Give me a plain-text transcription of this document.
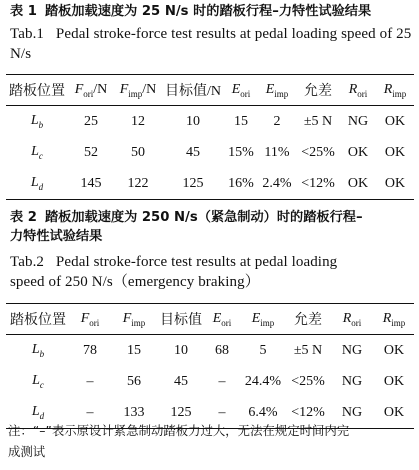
表 1 踏板加载速度为 25 N/s 时的踏板行程–力特性试验结果
Tab.1 Pedal stroke-force test results at pedal loading speed of 25 N/s
踏板位置	$F_{ori}/N$	$F_{imp}/N$	目标值/N	$E_{ori}$	$E_{imp}$	允差	$R_{ori}$	$R_{imp}$
$L_b$	25	12	10	15	2	±5 N	NG	OK
$L_c$	52	50	45	15%	11%	<25%	OK	OK
$L_d$	145	122	125	16%	2.4%	<12%	OK	OK
表 2 踏板加载速度为 250 N/s（紧急制动）时的踏板行程–
力特性试验结果
Tab.2 Pedal stroke-force test results at pedal loading
speed of 250 N/s（emergency braking）
踏板位置	$F_{ori}$	$F_{imp}$	目标值	$E_{ori}$	$E_{imp}$	允差	$R_{ori}$	$R_{imp}$
$L_b$	78	15	10	68	5	±5 N	NG	OK
$L_c$	–	56	45	–	24.4%	<25%	NG	OK
$L_d$	–	133	125	–	6.4%	<12%	NG	OK
注：“–”表示原设计紧急制动踏板力过大，无法在规定时间内完
成测试
